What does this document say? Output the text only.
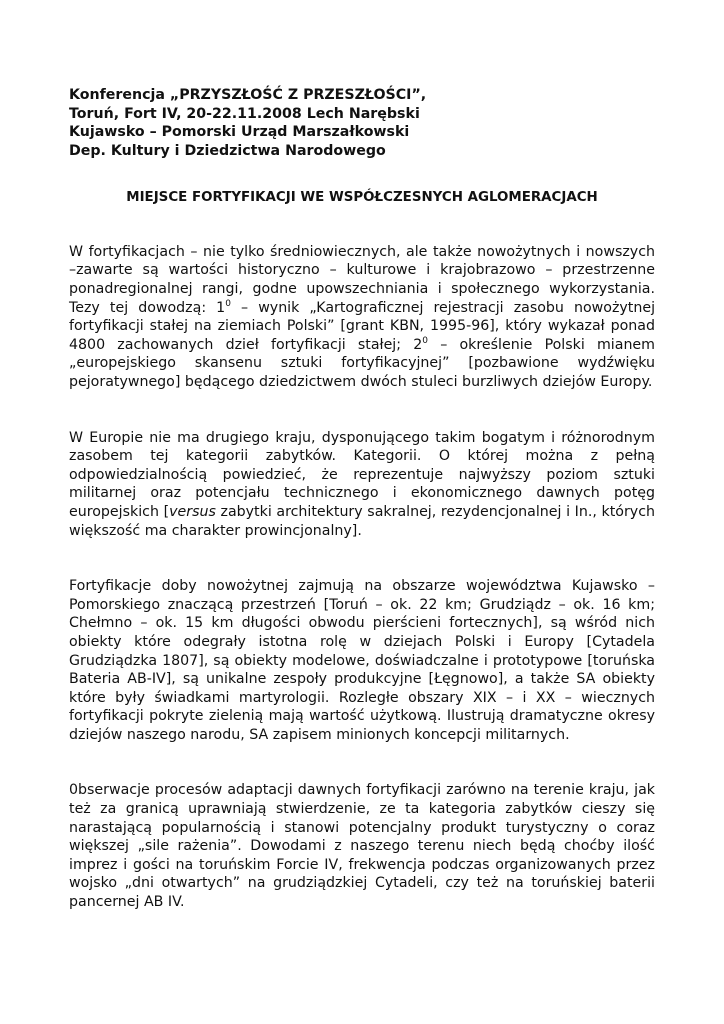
Konferencja „PRZYSZŁOŚĆ Z PRZESZŁOŚCI”,
Toruń, Fort IV, 20-22.11.2008 Lech Narębski
Kujawsko – Pomorski Urząd Marszałkowski
Dep. Kultury i Dziedzictwa Narodowego
MIEJSCE FORTYFIKACJI WE WSPÓŁCZESNYCH AGLOMERACJACH

W fortyfikacjach – nie tylko średniowiecznych, ale także nowożytnych i nowszych –zawarte są wartości historyczno – kulturowe i krajobrazowo – przestrzenne ponadregionalnej rangi, godne upowszechniania i społecznego wykorzystania. Tezy tej dowodzą: $1^0$ – wynik „Kartograficznej rejestracji zasobu nowożytnej fortyfikacji stałej na ziemiach Polski” [grant KBN, 1995-96], który wykazał ponad 4800 zachowanych dzieł fortyfikacji stałej; $2^0$ – określenie Polski mianem „europejskiego skansenu sztuki fortyfikacyjnej” [pozbawione wydźwięku pejoratywnego] będącego dziedzictwem dwóch stuleci burzliwych dziejów Europy.

W Europie nie ma drugiego kraju, dysponującego takim bogatym i różnorodnym zasobem tej kategorii zabytków. Kategorii. O której można z pełną odpowiedzialnością powiedzieć, że reprezentuje najwyższy poziom sztuki militarnej oraz potencjału technicznego i ekonomicznego dawnych potęg europejskich [versus zabytki architektury sakralnej, rezydencjonalnej i In., których większość ma charakter prowincjonalny].

Fortyfikacje doby nowożytnej zajmują na obszarze województwa Kujawsko – Pomorskiego znaczącą przestrzeń [Toruń – ok. 22 km; Grudziądz – ok. 16 km; Chełmno – ok. 15 km długości obwodu pierścieni fortecznych], są wśród nich obiekty które odegrały istotna rolę w dziejach Polski i Europy [Cytadela Grudziądzka 1807], są obiekty modelowe, doświadczalne i prototypowe [toruńska Bateria AB-IV], są unikalne zespoły produkcyjne [Łęgnowo], a także SA obiekty które były świadkami martyrologii. Rozległe obszary XIX – i XX – wiecznych fortyfikacji pokryte zielenią mają wartość użytkową. Ilustrują dramatyczne okresy dziejów naszego narodu, SA zapisem minionych koncepcji militarnych.

0bserwacje procesów adaptacji dawnych fortyfikacji zarówno na terenie kraju, jak też za granicą uprawniają stwierdzenie, ze ta kategoria zabytków cieszy się narastającą popularnością i stanowi potencjalny produkt turystyczny o coraz większej „sile rażenia”. Dowodami z naszego terenu niech będą choćby ilość imprez i gości na toruńskim Forcie IV, frekwencja podczas organizowanych przez wojsko „dni otwartych” na grudziądzkiej Cytadeli, czy też na toruńskiej baterii pancernej AB IV.
